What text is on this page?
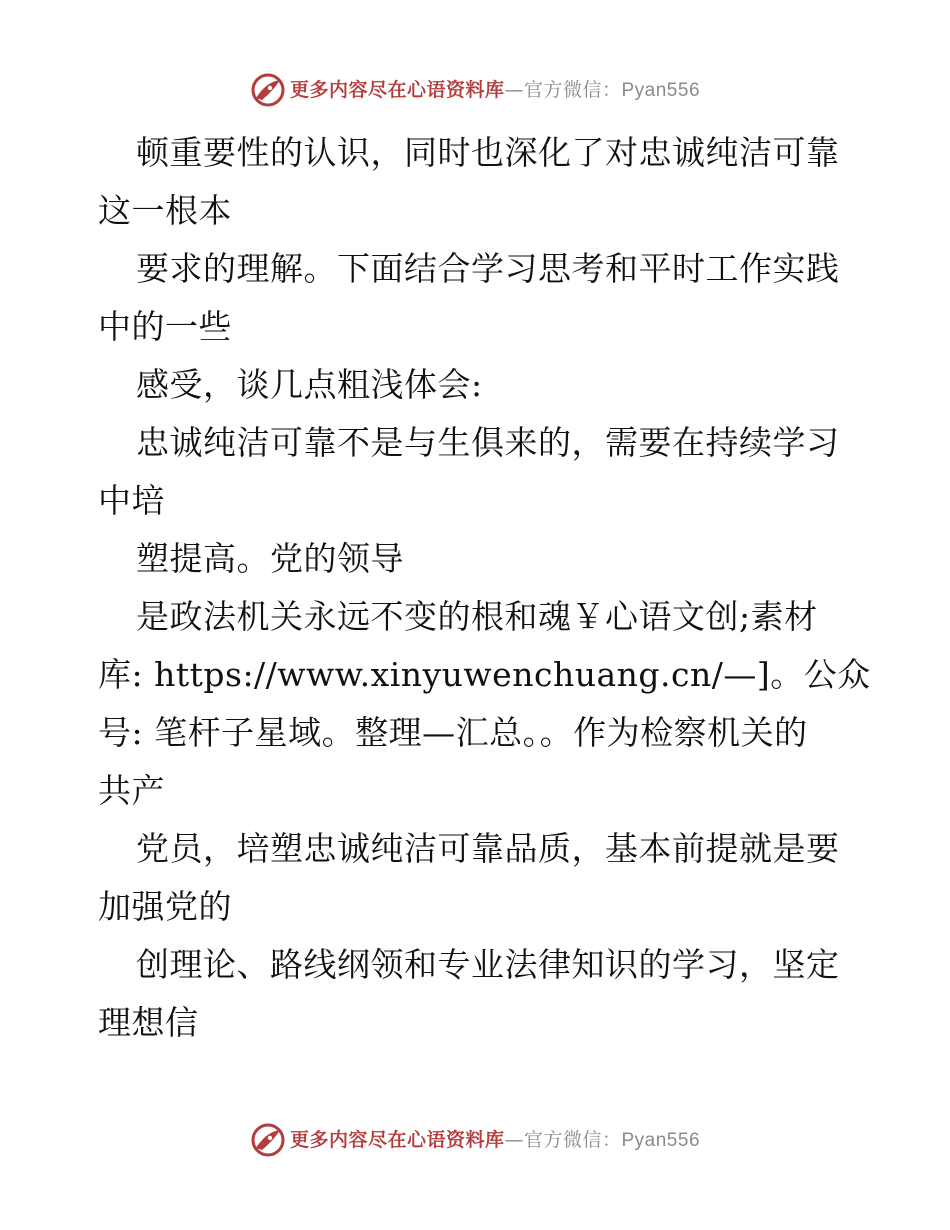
更多内容尽在心语资料库 — 官方微信： Pyan556
顿重要性的认识，同时也深化了对忠诚纯洁可靠
这一根本
要求的理解。下面结合学习思考和平时工作实践
中的一些
感受，谈几点粗浅体会:
忠诚纯洁可靠不是与生俱来的，需要在持续学习
中培
塑提高。党的领导
是政法机关永远不变的根和魂￥心语文创;素材
库: https://www.xinyuwenchuang.cn/—]。公众
号: 笔杆子星域。整理—汇总。。作为检察机关的
共产
党员，培塑忠诚纯洁可靠品质，基本前提就是要
加强党的
创理论、路线纲领和专业法律知识的学习，坚定
理想信
更多内容尽在心语资料库 — 官方微信： Pyan556
